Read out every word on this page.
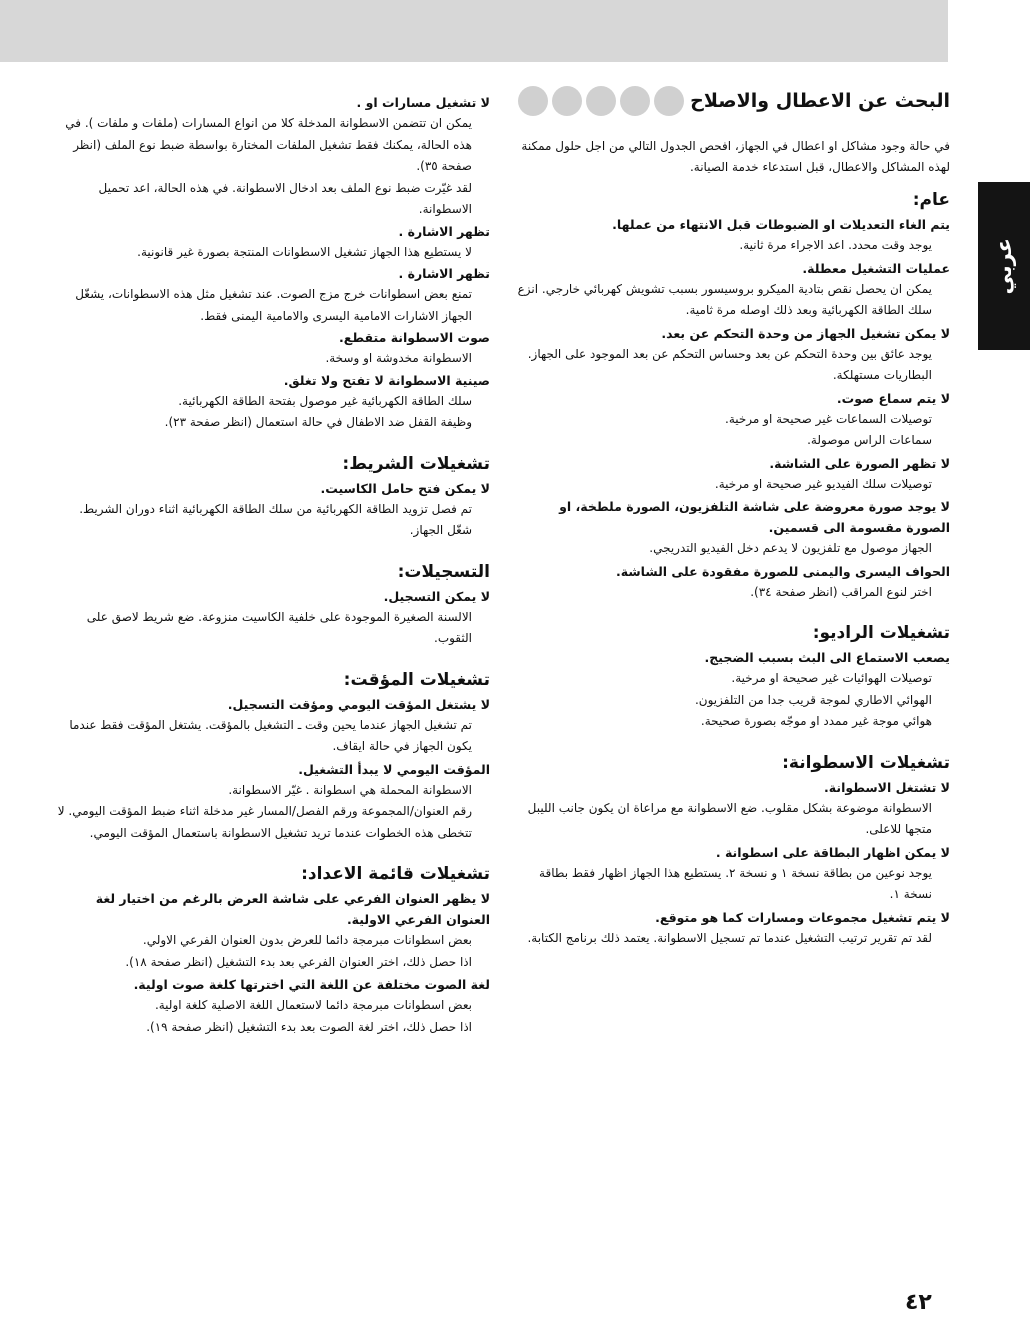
عربي
البحث عن الاعطال والاصلاح

في حالة وجود مشاكل او اعطال في الجهاز، افحص الجدول التالي من اجل حلول ممكنة لهذه المشاكل والاعطال، قبل استدعاء خدمة الصيانة.

عام:
يتم الغاء التعديلات او الضبوطات قبل الانتهاء من عملها.

يوجد وقت محدد. اعد الاجراء مرة ثانية.

عمليات التشغيل معطلة.

يمكن ان يحصل نقص بتادية الميكرو بروسيسور بسبب تشويش كهربائي خارجي. انزع سلك الطاقة الكهربائية وبعد ذلك اوصله مرة ثامية.

لا يمكن تشغيل الجهاز من وحدة التحكم عن بعد.

يوجد عائق بين وحدة التحكم عن بعد وحساس التحكم عن بعد الموجود على الجهاز.

البطاريات مستهلكة.

لا يتم سماع صوت.

توصيلات السماعات غير صحيحة او مرخية.

سماعات الراس موصولة.

لا تظهر الصورة على الشاشة.

توصيلات سلك الفيديو غير صحيحة او مرخية.

لا يوجد صورة معروضة على شاشة التلفزيون، الصورة ملطخة، او الصورة مقسومة الى قسمين.

الجهاز موصول مع تلفزيون لا يدعم دخل الفيديو التدريجي.

الحواف اليسرى واليمنى للصورة مفقودة على الشاشة.

اختر لنوع المراقب (انظر صفحة ٣٤).

تشغيلات الراديو:
يصعب الاستماع الى البث بسبب الضجيج.

توصيلات الهوائيات غير صحيحة او مرخية.

الهوائي الاطاري لموجة قريب جدا من التلفزيون.

هوائي موجة غير ممدد او موجّه بصورة صحيحة.

تشغيلات الاسطوانة:
لا تشتغل الاسطوانة.

الاسطوانة موضوعة بشكل مقلوب. ضع الاسطوانة مع مراعاة ان يكون جانب الليبل متجها للاعلى.

لا يمكن اظهار البطاقة على اسطوانة .

يوجد نوعين من بطاقة نسخة ١ و نسخة ٢. يستطيع هذا الجهاز اظهار فقط بطاقة نسخة ١.

لا يتم تشغيل مجموعات ومسارات كما هو متوقع.

لقد تم تقرير ترتيب التشغيل عندما تم تسجيل الاسطوانة. يعتمد ذلك برنامج الكتابة.

لا تشغيل مسارات او .

يمكن ان تتضمن الاسطوانة المدخلة كلا من انواع المسارات (ملفات و ملفات ). في هذه الحالة، يمكنك فقط تشغيل الملفات المختارة بواسطة ضبط نوع الملف (انظر صفحة ٣٥).

لقد غيّرت ضبط نوع الملف بعد ادخال الاسطوانة. في هذه الحالة، اعد تحميل الاسطوانة.

تظهر الاشارة .

لا يستطيع هذا الجهاز تشغيل الاسطوانات المنتجة بصورة غير قانونية.

تظهر الاشارة .

تمنع بعض اسطوانات خرج مزج الصوت. عند تشغيل مثل هذه الاسطوانات، يشغّل الجهاز الاشارات الامامية اليسرى والامامية اليمنى فقط.

صوت الاسطوانة متقطع.

الاسطوانة مخدوشة او وسخة.

صينية الاسطوانة لا تفتح ولا تغلق.

سلك الطاقة الكهربائية غير موصول بفتحة الطاقة الكهربائية.

وظيفة القفل ضد الاطفال في حالة استعمال (انظر صفحة ٢٣).

تشغيلات الشريط:
لا يمكن فتح حامل الكاسيت.

تم فصل تزويد الطاقة الكهربائية من سلك الطاقة الكهربائية اثناء دوران الشريط. شغّل الجهاز.

التسجيلات:
لا يمكن التسجيل.

الالسنة الصغيرة الموجودة على خلفية الكاسيت منزوعة. ضع شريط لاصق على الثقوب.

تشغيلات المؤقت:
لا يشتغل المؤقت اليومي ومؤقت التسجيل.

تم تشغيل الجهاز عندما يحين وقت ـ التشغيل بالمؤقت. يشتغل المؤقت فقط عندما يكون الجهاز في حالة ايقاف.

المؤقت اليومي لا يبدأ التشغيل.

الاسطوانة المحملة هي اسطوانة . غيّر الاسطوانة.

رقم العنوان/المجموعة ورقم الفصل/المسار غير مدخلة اثناء ضبط المؤقت اليومي. لا تتخطى هذه الخطوات عندما تريد تشغيل الاسطوانة باستعمال المؤقت اليومي.

تشغيلات قائمة الاعداد:
لا يظهر العنوان الفرعي على شاشة العرض بالرغم من اختيار لغة العنوان الفرعي الاولية.

بعض اسطوانات مبرمجة دائما للعرض بدون العنوان الفرعي الاولي.

اذا حصل ذلك، اختر العنوان الفرعي بعد بدء التشغيل (انظر صفحة ١٨).

لغة الصوت مختلفة عن اللغة التي اخترتها كلغة صوت اولية.

بعض اسطوانات مبرمجة دائما لاستعمال اللغة الاصلية كلغة اولية.

اذا حصل ذلك، اختر لغة الصوت بعد بدء التشغيل (انظر صفحة ١٩).

٤٢
